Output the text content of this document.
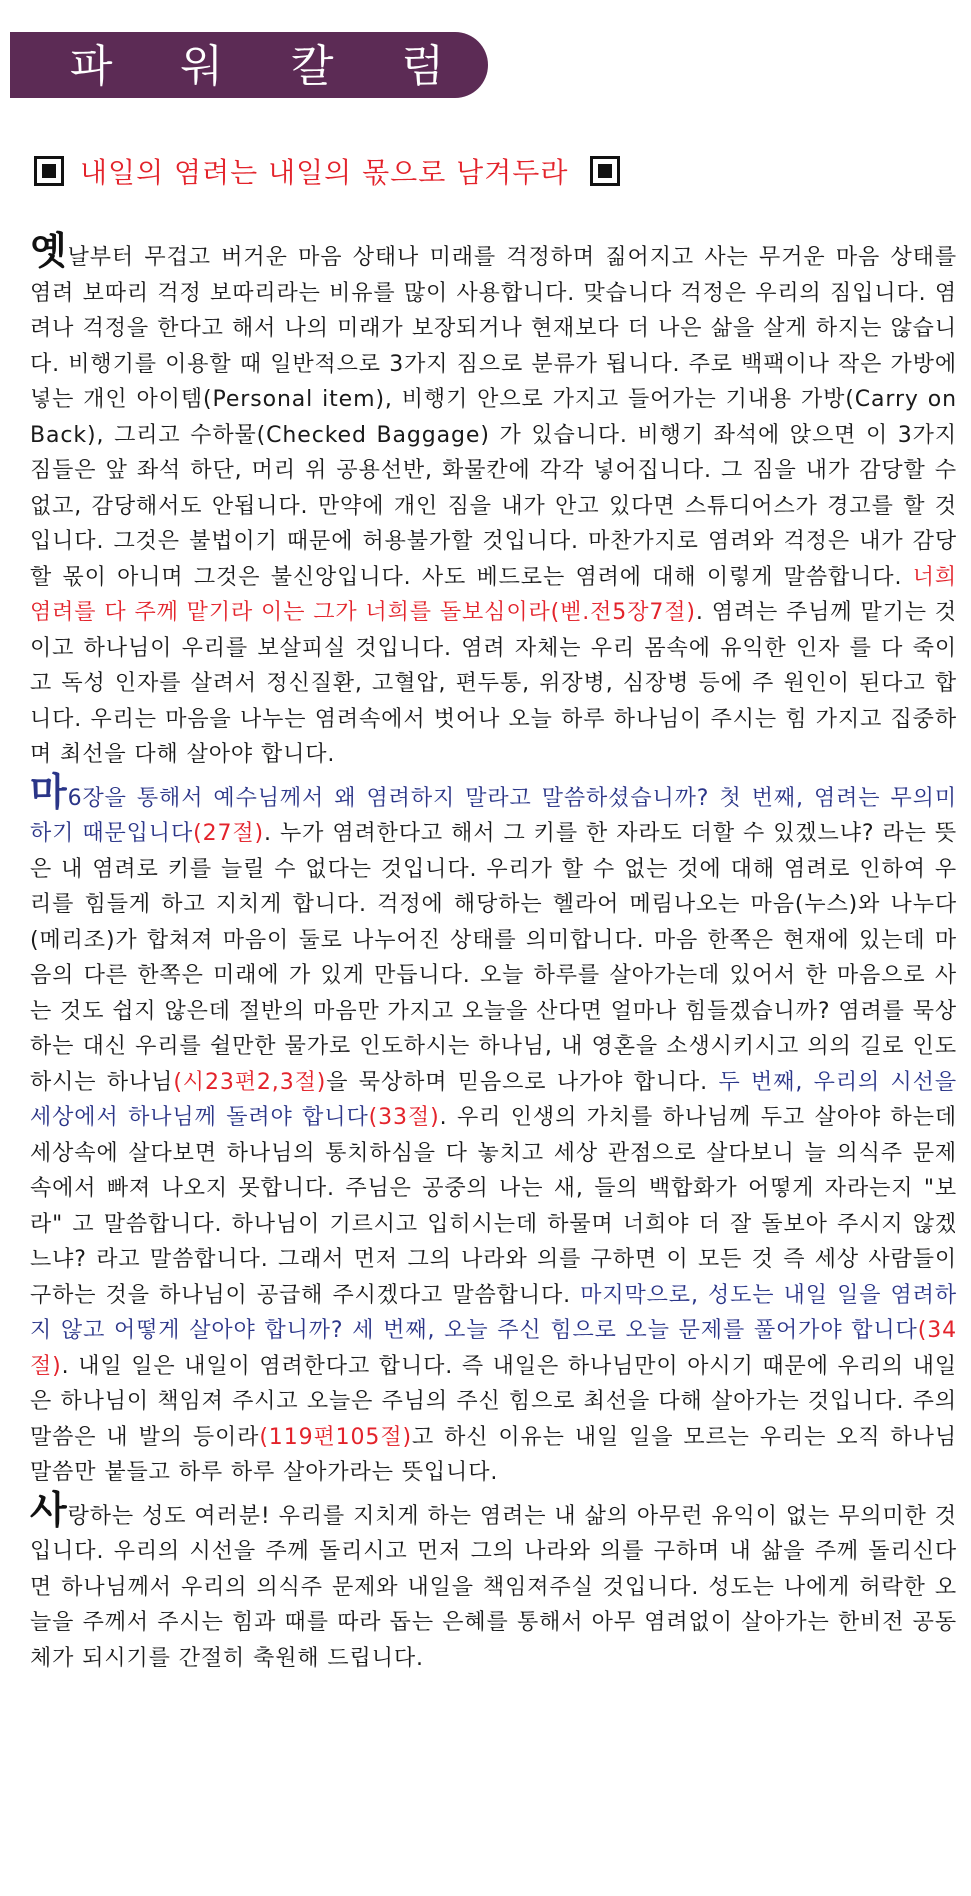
파 워 칼 럼
내일의 염려는 내일의 몫으로 남겨두라

옛날부터 무겁고 버거운 마음 상태나 미래를 걱정하며 짊어지고 사는 무거운 마음 상태를 염려 보따리 걱정 보따리라는 비유를 많이 사용합니다. 맞습니다 걱정은 우리의 짐입니다. 염려나 걱정을 한다고 해서 나의 미래가 보장되거나 현재보다 더 나은 삶을 살게 하지는 않습니다. 비행기를 이용할 때 일반적으로 3가지 짐으로 분류가 됩니다. 주로 백팩이나 작은 가방에 넣는 개인 아이템(Personal item), 비행기 안으로 가지고 들어가는 기내용 가방(Carry on Back), 그리고 수하물(Checked Baggage) 가 있습니다. 비행기 좌석에 앉으면 이 3가지 짐들은 앞 좌석 하단, 머리 위 공용선반, 화물칸에 각각 넣어집니다. 그 짐을 내가 감당할 수 없고, 감당해서도 안됩니다. 만약에 개인 짐을 내가 안고 있다면 스튜디어스가 경고를 할 것입니다. 그것은 불법이기 때문에 허용불가할 것입니다. 마찬가지로 염려와 걱정은 내가 감당할 몫이 아니며 그것은 불신앙입니다. 사도 베드로는 염려에 대해 이렇게 말씀합니다. 너희 염려를 다 주께 맡기라 이는 그가 너희를 돌보심이라(벧.전5장7절). 염려는 주님께 맡기는 것이고 하나님이 우리를 보살피실 것입니다. 염려 자체는 우리 몸속에 유익한 인자 를 다 죽이고 독성 인자를 살려서 정신질환, 고혈압, 편두통, 위장병, 심장병 등에 주 원인이 된다고 합니다. 우리는 마음을 나누는 염려속에서 벗어나 오늘 하루 하나님이 주시는 힘 가지고 집중하며 최선을 다해 살아야 합니다.

마6장을 통해서 예수님께서 왜 염려하지 말라고 말씀하셨습니까? 첫 번째, 염려는 무의미하기 때문입니다(27절). 누가 염려한다고 해서 그 키를 한 자라도 더할 수 있겠느냐? 라는 뜻은 내 염려로 키를 늘릴 수 없다는 것입니다. 우리가 할 수 없는 것에 대해 염려로 인하여 우리를 힘들게 하고 지치게 합니다. 걱정에 해당하는 헬라어 메림나오는 마음(누스)와 나누다(메리조)가 합쳐져 마음이 둘로 나누어진 상태를 의미합니다. 마음 한쪽은 현재에 있는데 마음의 다른 한쪽은 미래에 가 있게 만듭니다. 오늘 하루를 살아가는데 있어서 한 마음으로 사는 것도 쉽지 않은데 절반의 마음만 가지고 오늘을 산다면 얼마나 힘들겠습니까? 염려를 묵상하는 대신 우리를 쉴만한 물가로 인도하시는 하나님, 내 영혼을 소생시키시고 의의 길로 인도하시는 하나님(시23편2,3절)을 묵상하며 믿음으로 나가야 합니다. 두 번째, 우리의 시선을 세상에서 하나님께 돌려야 합니다(33절). 우리 인생의 가치를 하나님께 두고 살아야 하는데 세상속에 살다보면 하나님의 통치하심을 다 놓치고 세상 관점으로 살다보니 늘 의식주 문제 속에서 빠져 나오지 못합니다. 주님은 공중의 나는 새, 들의 백합화가 어떻게 자라는지 "보라" 고 말씀합니다. 하나님이 기르시고 입히시는데 하물며 너희야 더 잘 돌보아 주시지 않겠느냐? 라고 말씀합니다. 그래서 먼저 그의 나라와 의를 구하면 이 모든 것 즉 세상 사람들이 구하는 것을 하나님이 공급해 주시겠다고 말씀합니다. 마지막으로, 성도는 내일 일을 염려하지 않고 어떻게 살아야 합니까? 세 번째, 오늘 주신 힘으로 오늘 문제를 풀어가야 합니다(34절). 내일 일은 내일이 염려한다고 합니다. 즉 내일은 하나님만이 아시기 때문에 우리의 내일은 하나님이 책임져 주시고 오늘은 주님의 주신 힘으로 최선을 다해 살아가는 것입니다. 주의 말씀은 내 발의 등이라(119편105절)고 하신 이유는 내일 일을 모르는 우리는 오직 하나님 말씀만 붙들고 하루 하루 살아가라는 뜻입니다.

사랑하는 성도 여러분! 우리를 지치게 하는 염려는 내 삶의 아무런 유익이 없는 무의미한 것입니다. 우리의 시선을 주께 돌리시고 먼저 그의 나라와 의를 구하며 내 삶을 주께 돌리신다면 하나님께서 우리의 의식주 문제와 내일을 책임져주실 것입니다. 성도는 나에게 허락한 오늘을 주께서 주시는 힘과 때를 따라 돕는 은혜를 통해서 아무 염려없이 살아가는 한비전 공동체가 되시기를 간절히 축원해 드립니다.
